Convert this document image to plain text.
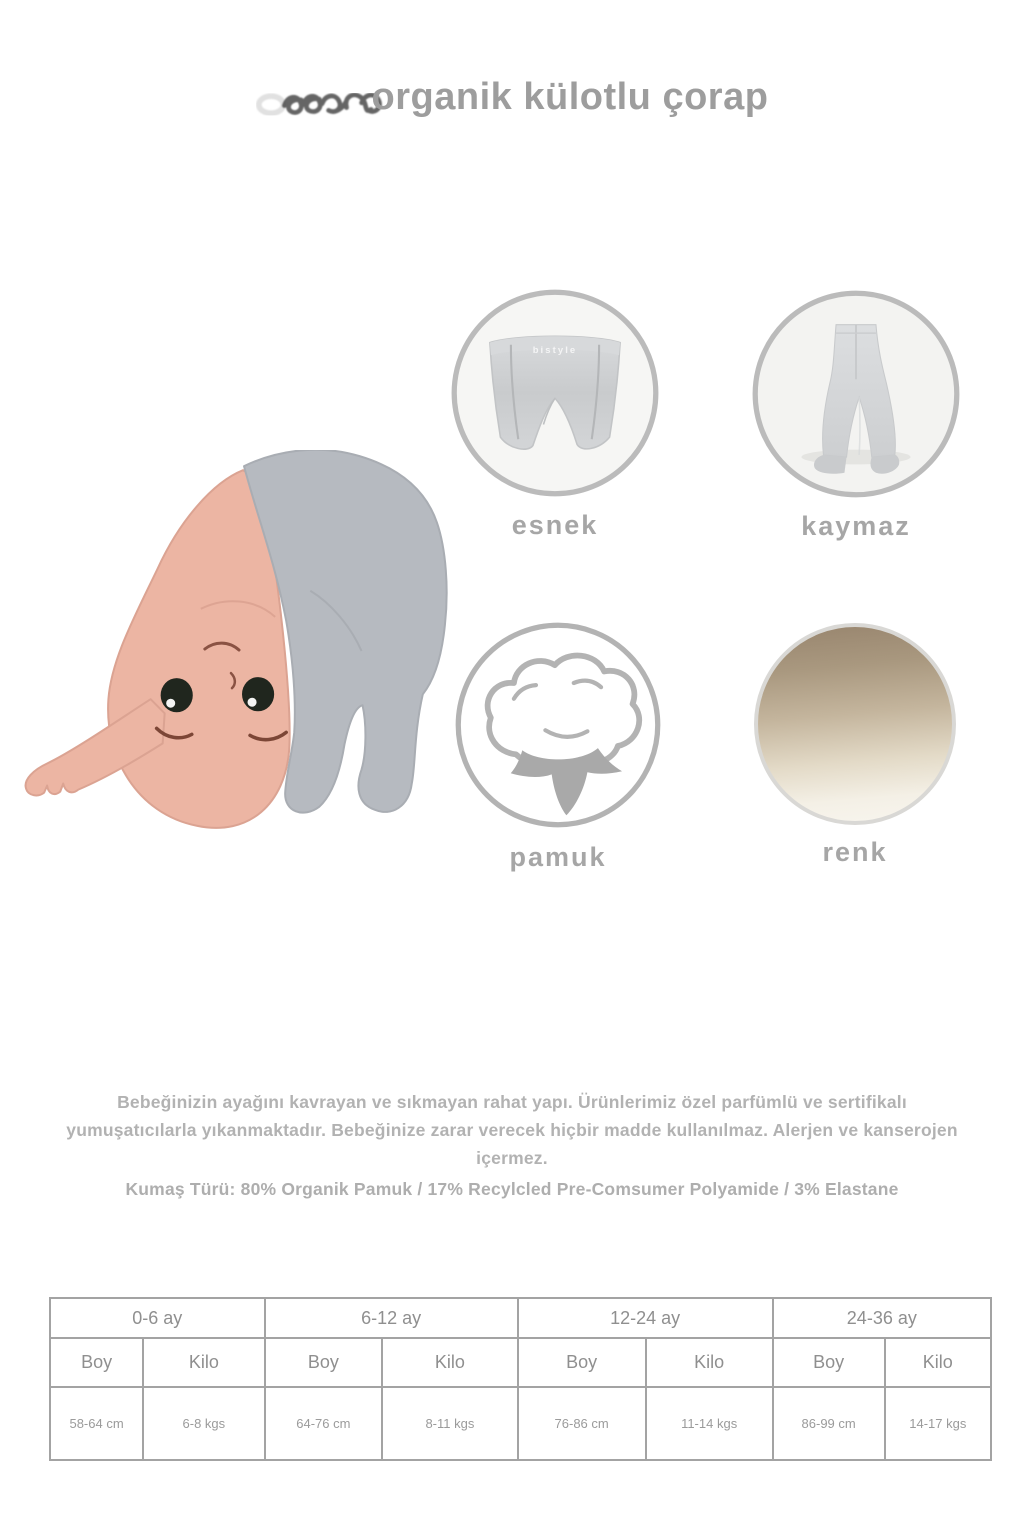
organik külotlu çorap
bistyle
esnek	kaymaz
pamuk	renk

Bebeğinizin ayağını kavrayan ve sıkmayan rahat yapı. Ürünlerimiz özel parfümlü ve sertifikalı yumuşatıcılarla yıkanmaktadır. Bebeğinize zarar verecek hiçbir madde kullanılmaz. Alerjen ve kanserojen içermez.

Kumaş Türü: 80% Organik Pamuk / 17% Recylcled Pre-Comsumer Polyamide / 3% Elastane

0-6 ay		6-12 ay		12-24 ay		24-36 ay	
Boy	Kilo	Boy	Kilo	Boy	Kilo	Boy	Kilo
58-64 cm	6-8 kgs	64-76 cm	8-11 kgs	76-86 cm	11-14 kgs	86-99 cm	14-17 kgs
